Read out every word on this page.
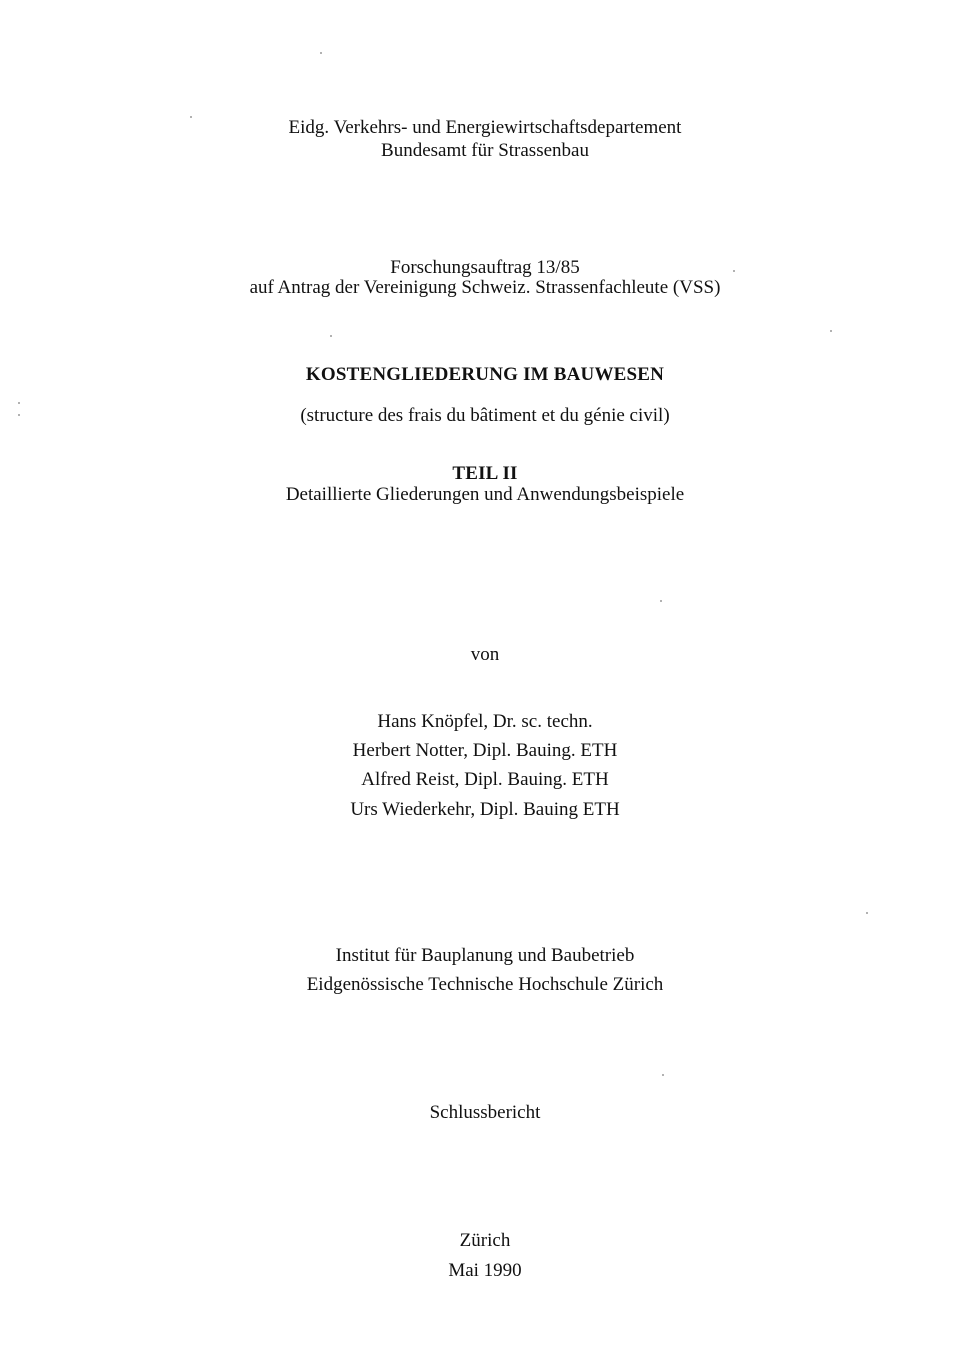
Eidg. Verkehrs- und Energiewirtschaftsdepartement
Bundesamt für Strassenbau
Forschungsauftrag 13/85
auf Antrag der Vereinigung Schweiz. Strassenfachleute (VSS)
KOSTENGLIEDERUNG IM BAUWESEN
(structure des frais du bâtiment et du génie civil)
TEIL II
Detaillierte Gliederungen und Anwendungsbeispiele
von
Hans Knöpfel, Dr. sc. techn.
Herbert Notter, Dipl. Bauing. ETH
Alfred Reist, Dipl. Bauing. ETH
Urs Wiederkehr, Dipl. Bauing ETH
Institut für Bauplanung und Baubetrieb
Eidgenössische Technische Hochschule Zürich
Schlussbericht
Zürich
Mai 1990
